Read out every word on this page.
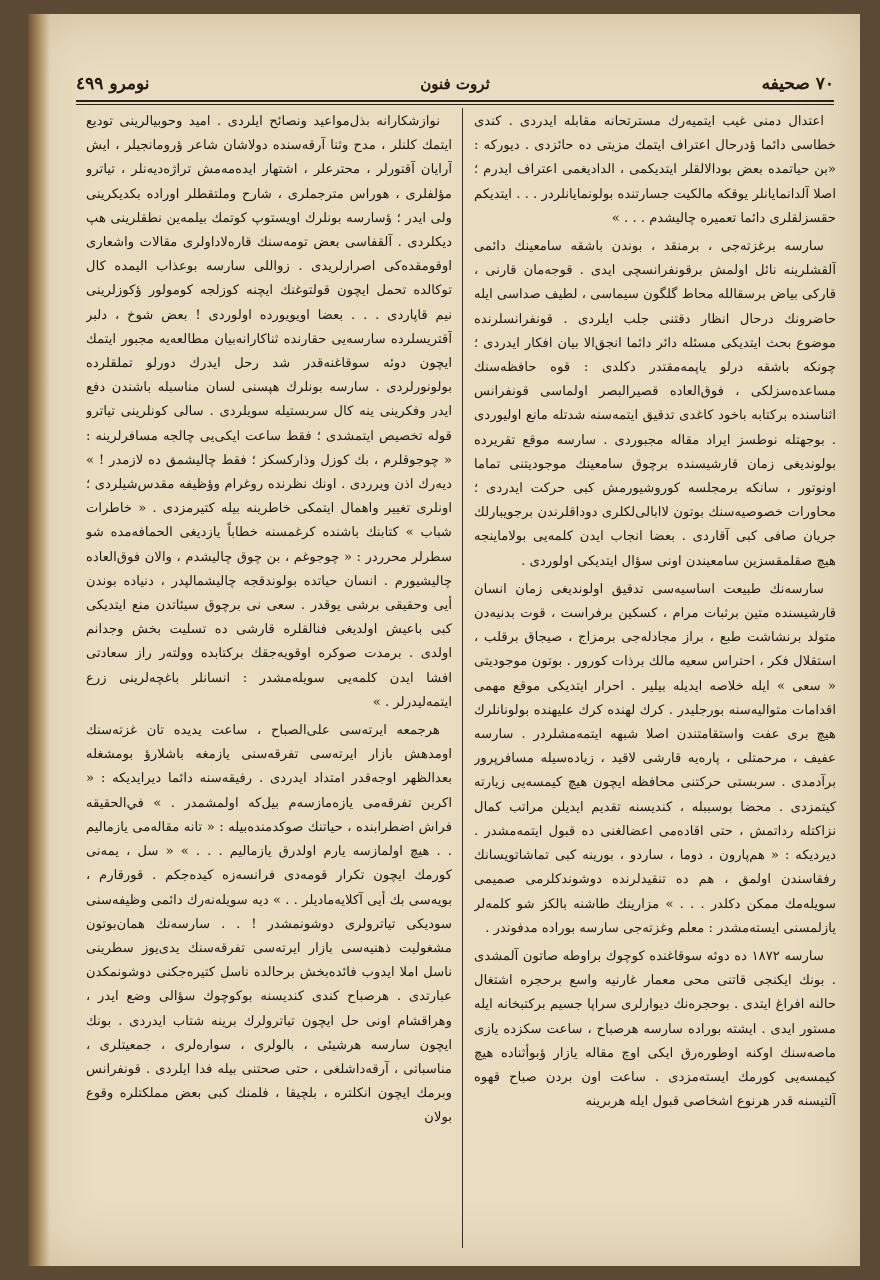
٧٠ صحيفه
ثروت فنون
نومرو ٤٩٩

اعتدال دمنى غيب ايتميه‌رك مسترتحانه مقابله ايدردى . كندى خطاسى دائما ؤدرحال اعتراف ايتمك مزيتى ده حائزدى . ديوركه : «بن حياتمده بعض بودالالقلر ايتديكمى ، الداديغمى اعتراف ايدرم ؛ اصلا آلدانمايانلر يوقكه مالكيت جسارتنده بولونمايانلردر . . . ايتديكم حقسزلقلرى دائما تعميره چاليشدم . . . »

سارسه برغزته‌جى ، برمنقد ، بوندن باشقه سامعينك دائمى آلقشلرينه نائل اولمش برقونفرانسچى ايدى . قوجه‌مان قارنى ، قاركى بياض برسقالله محاط گلگون سيماسى ، لطيف صداسى ايله حاضرونك درحال انظار دقتنى جلب ايلردى . قونفرانسلرنده موضوع بحث ايتديكى مسئله دائر دائما انجق‌الا بيان افكار ايدردى ؛ چونكه باشقه درلو ياپمه‌مقتدر دكلدى : قوه حافظه‌سنك مساعده‌سزلكى ، فوق‌العاده قصيرالبصر اولماسى قونفرانس اثناسنده بركتابه باخود كاغدى تدقيق ايتمه‌سنه شدتله مانع اوليوردى . بوجهتله نوطسز ايراد مقاله مجبوردى . سارسه موقع تقريرده بولونديغى زمان قارشيسنده برچوق سامعينك موجوديتنى تماما اونوتور ، سانكه برمجلسه كوروشيورمش كبى حركت ايدردى ؛ محاورات خصوصيه‌سنك بوتون لاابالى‌لكلرى دوداقلرندن برجويبارلك جريان صافى كبى آقاردى . بعضا انجاب ايدن كلمه‌يى بولاماينجه هيچ صقلمقسزين سامعيندن اونى سؤال ايتديكى اولوردى .

سارسه‌نك طبيعت اساسيه‌سى تدقيق اولونديغى زمان انسان قارشيسنده متين برثبات مرام ، كسكين برفراست ، قوت بدنيه‌دن متولد برنشاشت طبع ، براز مجادله‌جى برمزاج ، صيجاق برقلب ، استقلال فكر ، احتراس سعيه مالك برذات كورور . بوتون موجوديتى « سعى » ايله خلاصه ايديله بيلير . احرار ايتديكى موقع مهمى اقدامات متواليه‌سنه بورجليدر . كرك لهنده كرك عليهنده بولونانلرك هيچ برى عفت واستقامتندن اصلا شبهه ايتمه‌مشلردر . سارسه عفيف ، مرحمتلى ، پاره‌يه قارشى لاقيد ، زياده‌سيله مسافرپرور برآدمدى . سربستى حركتنى محافظه ايچون هيچ كيمسه‌يى زيارته كيتمزدى . محضا بوسببله ، كنديسنه تقديم ايديلن مراتب كمال نزاكتله رداتمش ، حتى اقاده‌مى اعضالغنى ده قبول ايتمه‌مشدر . ديرديكه : « هم‌پارون ، دوما ، ساردو ، بورينه كبى تماشاتويسانك رفقاسندن اولمق ، هم ده تنقيدلرنده دوشوندكلرمى صميمى سويله‌مك ممكن دكلدر . . . » مزارينك طاشنه بالكز شو كلمه‌لر يازلمسنى ايسته‌مشدر : معلم وغزته‌جى سارسه بوراده مدفوندر .

سارسه ١٨٧٢ ده دوئه سوقاغنده كوچوك براوطه‌ صاتون آلمشدى . بونك ايكنجى قاتنى محى معمار غارنيه واسع برحجره اشتغال حالنه افراغ ايتدى . بوحجره‌نك ديوارلرى سراپا جسيم بركتبخانه ايله مستور ايدى . ايشته بوراده سارسه هرصباح ، ساعت سكزده يازى ماصه‌سنك اوكنه اوطوره‌رق ايكى اوچ مقاله يازار ؤبوأثناده هيچ كيمسه‌يى كورمك ايسته‌مزدى . ساعت اون بردن صباح قهوه آلتيسنه قدر هرنوع اشخاصى قبول ايله هربرينه

نوازشكارانه بذل‌مواعيد ونصائح ايلردى . اميد وحوبيالرينى توديع ايتمك كلنلر ، مدح وثنا آرقه‌سنده دولاشان شاعر ؤرومانجيلر ، ايش آرايان آقتورلر ، محترعلر ، اشتهار ايده‌مه‌مش تراژه‌ديه‌نلر ، تياترو مؤلفلرى ، هوراس مترجملرى ، شارح وملتقطلر اوراده بكديكرينى ولى ايدر ؛ ؤسارسه بونلرك اويستوپ كوتمك بيلمه‌ين نطقلرينى هپ ديكلردى . آلقفاسى بعض تومه‌سنك قاره‌لاداولرى مقالات واشعارى اوقومقده‌كى اصرارلريدى . زواللى سارسه بوعذاب اليمده كال توكالده تحمل ايچون قولتوغنك ايچنه كوزلجه كومولور ؤكوزلرينى نيم قاپاردى . . . بعضا اويويورده اولوردى ! بعض شوخ ، دلبر آقتريسلرده سارسه‌يى حقارنده ثناكارانه‌بيان مطالعه‌يه مجبور ايتمك ايچون دوئه سوقاغنه‌قدر شد رحل ايدرك دورلو تملقلرده بولونورلردى . سارسه بونلرك هپسنى لسان مناسبله باشندن دفع ايدر وفكرينى ينه كال سربستيله سويلردى . سالى كونلرينى تياترو قوله تخصيص ايتمشدى ؛ فقط ساعت ايكى‌يى چالجه مسافرلرينه : « چوجوقلرم ، بك كوزل وذاركسكز ؛ فقط چاليشمق ده لازمدر ! » ديه‌رك اذن ويرردى . اونك نظرنده روغرام وؤظيفه مقدس‌شيلردى ؛ اونلرى تغيير واهمال ايتمكى خاطرينه بيله كتيرمزدى . « خاطرات شباب » كتابنك باشنده كرغمسنه خطاباً يازديغى الحمافه‌مده شو سطرلر محرردر : « چوجوغم ، بن چوق چاليشدم ، والان فوق‌العاده چاليشيورم . انسان حياتده بولوندقجه چاليشمالپدر ، دنياده بوندن أيى وحقيقى برشى يوقدر . سعى نى برچوق سيئاتدن منع ايتديكى كبى باعيش اولديغى فنالقلره قارشى ده تسليت بخش وجدانم اولدى . برمدت صوكره اوقويه‌جقك بركتابده وولته‌ر راز سعادتى افشا ايدن كلمه‌يى سويله‌مشدر : انسانلر باغچه‌لرينى زرع ايتمه‌ليدرلر . »

هرجمعه ايرته‌سى على‌الصباح ، ساعت يديده تان غزته‌سنك اومدهش بازار ايرته‌سى تفرقه‌سنى يازمغه باشلارؤ بومشغله بعدالظهر اوجه‌قدر امتداد ايدردى . رفيقه‌سنه دائما ديرايديكه : « اكربن تفرقه‌مى يازه‌مازسه‌م بيل‌كه اولمشمدر . » في‌الحقيقه فراش اضطرابنده ، حياتنك صوكدمنده‌بيله : « تانه مقاله‌مى يازماليم . . هيچ اولمازسه يارم اولدرق يازماليم . . . » « سل ، يمه‌نى كورمك ايچون تكرار قومه‌دى فرانسه‌زه كيده‌جكم . قورقارم ، بويه‌سى بك أيى آكلايه‌ماديلر . . » ديه سويله‌نه‌رك دائمى وظيفه‌سنى سوديكى تياترولرى دوشونمشدر ! . . سارسه‌نك همان‌بوتون مشغوليت ذهنيه‌سى بازار ايرته‌سى تفرقه‌سنك يدى‌يوز سطرينى ناسل املا ايدوب فائده‌بخش برحالده ناسل كتيره‌جكنى دوشونمكدن عبارتدى . هرصباح كندى كنديسنه بوكوچوك سؤالى وضع ايدر ، وهراقشام اونى حل ايچون تياترولرك برينه شتاب ايدردى . بونك ايچون سارسه هرشيئى ، بالولرى ، سوارەلرى ، جمعيتلرى ، مناسباتى ، آرقه‌داشلغى ، حتى صحتنى بيله فدا ايلردى . قونفرانس وبرمك ايچون انكلتره ، بلچيقا ، فلمنك كبى بعض مملكتلره وقوع بولان
